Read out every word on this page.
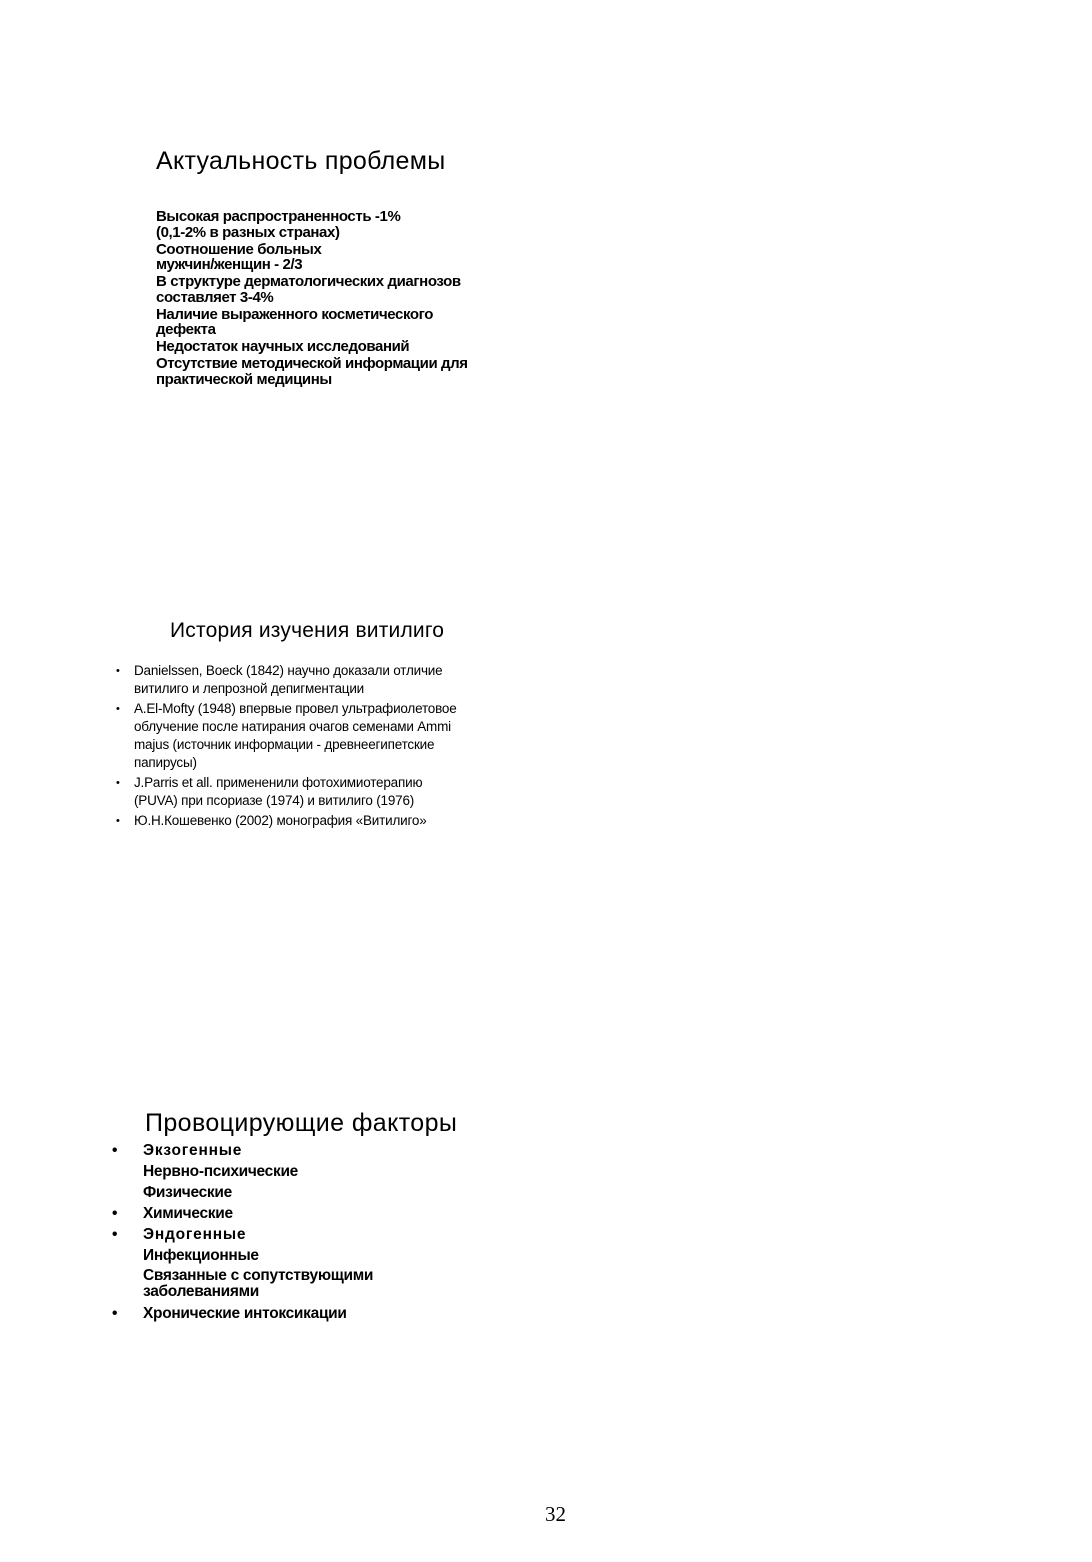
Актуальность проблемы
Высокая распространенность -1%
(0,1-2% в разных странах)
Соотношение больных
мужчин/женщин - 2/3
В структуре дерматологических диагнозов
составляет 3-4%
Наличие выраженного косметического
дефекта
Недостаток научных исследований
Отсутствие методической информации для
практической медицины
История изучения витилиго
• Danielssen, Boeck (1842) научно доказали отличие
витилиго и лепрозной депигментации
• A.El-Mofty (1948) впервые провел ультрафиолетовое
облучение после натирания очагов семенами Ammi
majus (источник информации - древнеегипетские
папирусы)
• J.Parris et all. примененили фотохимиотерапию
(PUVA) при псориазе (1974) и витилиго (1976)
• Ю.Н.Кошевенко (2002) монография «Витилиго»
Провоцирующие факторы
• Экзогенные
Нервно-психические
Физические
• Химические
• Эндогенные
Инфекционные
Связанные с сопутствующими
заболеваниями
• Хронические интоксикации
32
